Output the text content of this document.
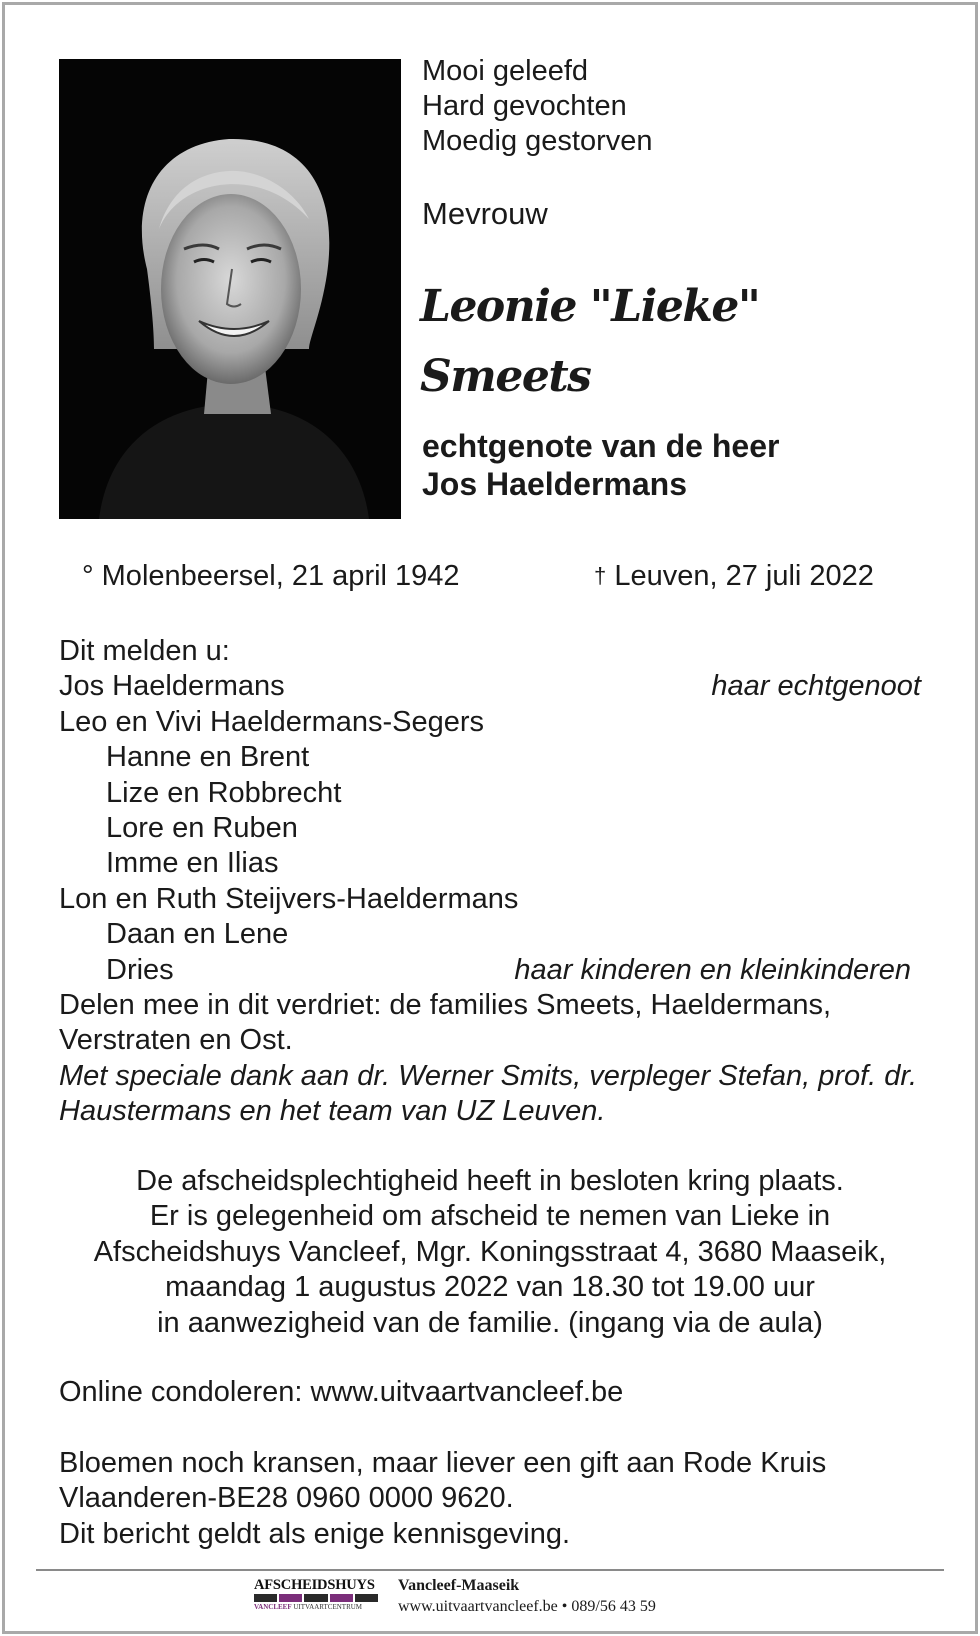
Mooi geleefd
Hard gevochten
Moedig gestorven
Mevrouw
Leonie "Lieke"
Smeets
echtgenote van de heer
Jos Haeldermans
° Molenbeersel, 21 april 1942	† Leuven, 27 juli 2022
Dit melden u:
Jos Haeldermans	haar echtgenoot
Leo en Vivi Haeldermans-Segers
Hanne en Brent
Lize en Robbrecht
Lore en Ruben
Imme en Ilias
Lon en Ruth Steijvers-Haeldermans
Daan en Lene
Dries	haar kinderen en kleinkinderen
Delen mee in dit verdriet: de families Smeets, Haeldermans, Verstraten en Ost.
Met speciale dank aan dr. Werner Smits, verpleger Stefan, prof. dr. Haustermans en het team van UZ Leuven.
De afscheidsplechtigheid heeft in besloten kring plaats.
Er is gelegenheid om afscheid te nemen van Lieke in
Afscheidshuys Vancleef, Mgr. Koningsstraat 4, 3680 Maaseik,
maandag 1 augustus 2022 van 18.30 tot 19.00 uur
in aanwezigheid van de familie. (ingang via de aula)
Online condoleren: www.uitvaartvancleef.be
Bloemen noch kransen, maar liever een gift aan Rode Kruis
Vlaanderen-BE28 0960 0000 9620.
Dit bericht geldt als enige kennisgeving.
AFSCHEIDSHUYS
VANCLEEF UITVAARTCENTRUM
Vancleef-Maaseik
www.uitvaartvancleef.be • 089/56 43 59
